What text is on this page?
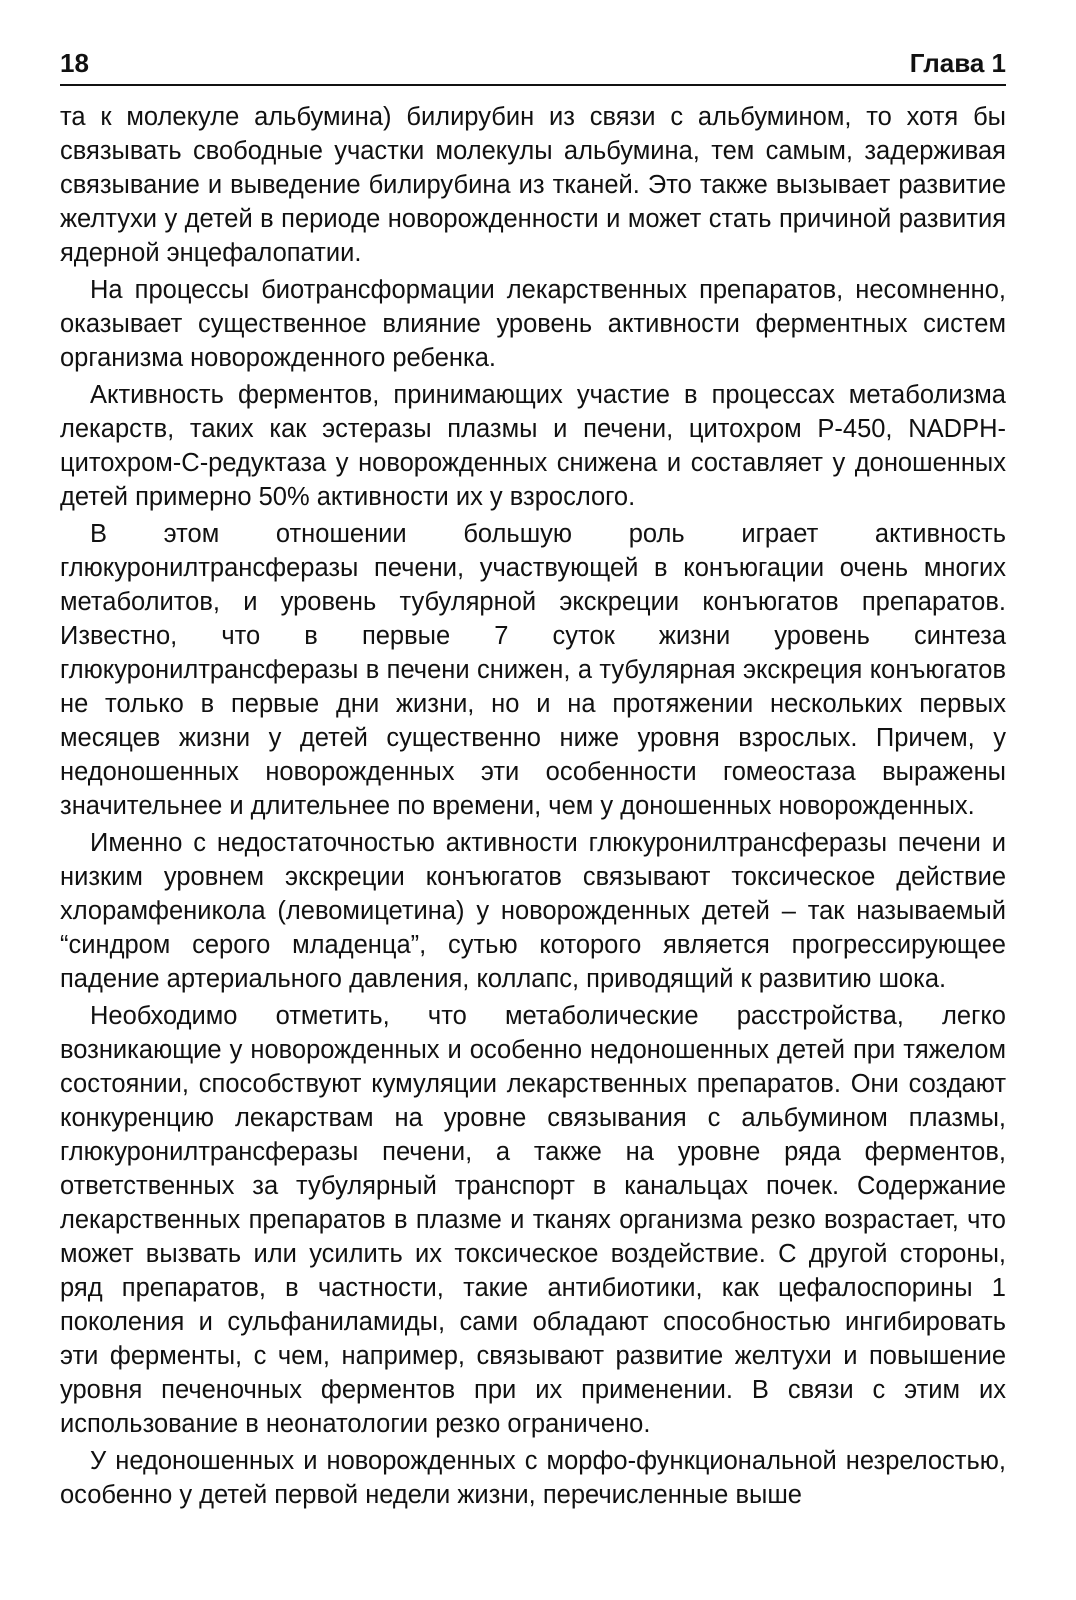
18	Глава 1

та к молекуле альбумина) билирубин из связи с альбумином, то хотя бы связывать свободные участки молекулы альбумина, тем самым, задерживая связывание и выведение билирубина из тканей. Это также вызывает развитие желтухи у детей в периоде новорожденности и может стать причиной развития ядерной энцефалопатии.

На процессы биотрансформации лекарственных препаратов, несомненно, оказывает существенное влияние уровень активности ферментных систем организма новорожденного ребенка.

Активность ферментов, принимающих участие в процессах метаболизма лекарств, таких как эстеразы плазмы и печени, цитохром Р-450, NADPH-цитохром-С-редуктаза у новорожденных снижена и составляет у доношенных детей примерно 50% активности их у взрослого.

В этом отношении большую роль играет активность глюкуронилтрансферазы печени, участвующей в конъюгации очень многих метаболитов, и уровень тубулярной экскреции конъюгатов препаратов. Известно, что в первые 7 суток жизни уровень синтеза глюкуронилтрансферазы в печени снижен, а тубулярная экскреция конъюгатов не только в первые дни жизни, но и на протяжении нескольких первых месяцев жизни у детей существенно ниже уровня взрослых. Причем, у недоношенных новорожденных эти особенности гомеостаза выражены значительнее и длительнее по времени, чем у доношенных новорожденных.

Именно с недостаточностью активности глюкуронилтрансферазы печени и низким уровнем экскреции конъюгатов связывают токсическое действие хлорамфеникола (левомицетина) у новорожденных детей – так называемый “синдром серого младенца”, сутью которого является прогрессирующее падение артериального давления, коллапс, приводящий к развитию шока.

Необходимо отметить, что метаболические расстройства, легко возникающие у новорожденных и особенно недоношенных детей при тяжелом состоянии, способствуют кумуляции лекарственных препаратов. Они создают конкуренцию лекарствам на уровне связывания с альбумином плазмы, глюкуронилтрансферазы печени, а также на уровне ряда ферментов, ответственных за тубулярный транспорт в канальцах почек. Содержание лекарственных препаратов в плазме и тканях организма резко возрастает, что может вызвать или усилить их токсическое воздействие. С другой стороны, ряд препаратов, в частности, такие антибиотики, как цефалоспорины 1 поколения и сульфаниламиды, сами обладают способностью ингибировать эти ферменты, с чем, например, связывают развитие желтухи и повышение уровня печеночных ферментов при их применении. В связи с этим их использование в неонатологии резко ограничено.

У недоношенных и новорожденных с морфо-функциональной незрелостью, особенно у детей первой недели жизни, перечисленные выше
